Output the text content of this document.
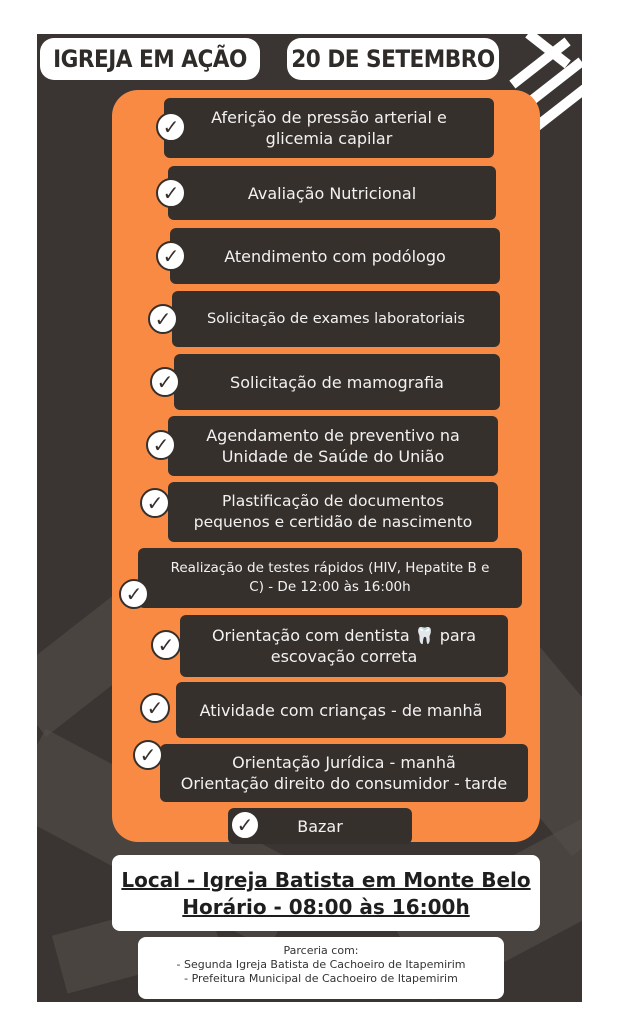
IGREJA EM AÇÃO	20 DE SETEMBRO
Aferição de pressão arterial e
glicemia capilar
✓
Avaliação Nutricional
✓
Atendimento com podólogo
✓
Solicitação de exames laboratoriais
✓
Solicitação de mamografia
✓
Agendamento de preventivo na
Unidade de Saúde do União
✓
Plastificação de documentos
pequenos e certidão de nascimento
✓
Realização de testes rápidos (HIV, Hepatite B e
C) - De 12:00 às 16:00h
✓
Orientação com dentista 🦷 para
escovação correta
✓
Atividade com crianças - de manhã
✓
Orientação Jurídica - manhã
Orientação direito do consumidor - tarde
✓
Bazar
✓
Local - Igreja Batista em Monte Belo
Horário - 08:00 às 16:00h
Parceria com:
- Segunda Igreja Batista de Cachoeiro de Itapemirim
- Prefeitura Municipal de Cachoeiro de Itapemirim
